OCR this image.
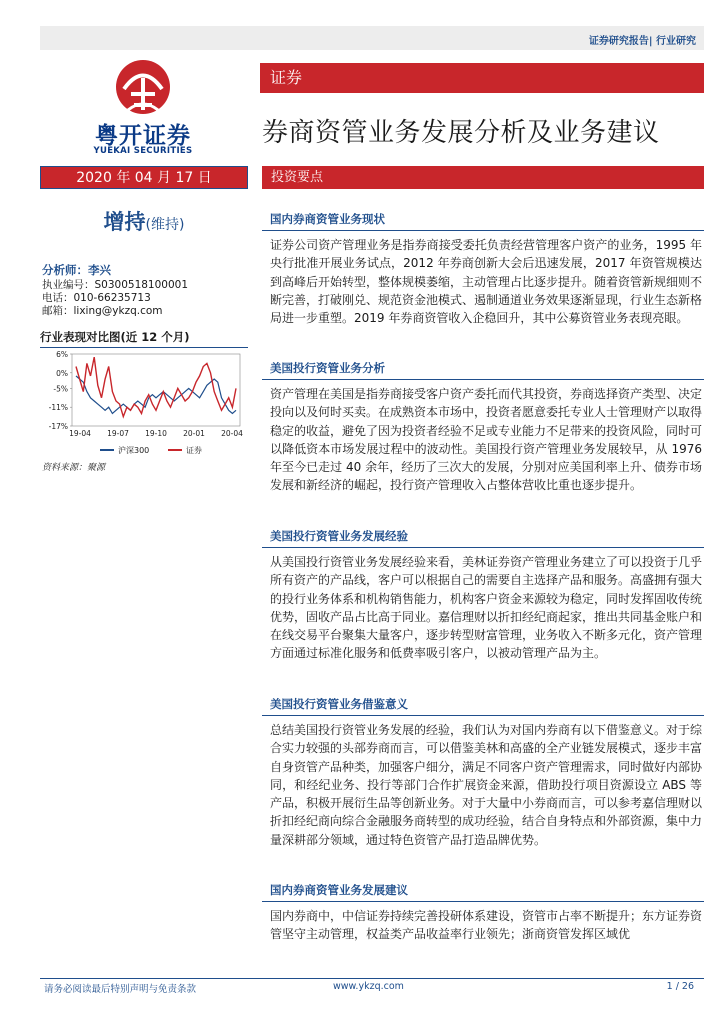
证券研究报告| 行业研究
粤开证券
YUEKAI SECURITIES
证券
券商资管业务发展分析及业务建议
2020 年 04 月 17 日	投资要点
增持(维持)
分析师：李兴
执业编号：S0300518100001
电话：010-66235713
邮箱：lixing@ykzq.com
行业表现对比图(近 12 个月)
6%
0%
-5%
-11%
-17%
19-04 19-07 19-10 20-01 20-04
沪深300	证券
资料来源：聚源
国内券商资管业务现状

证券公司资产管理业务是指券商接受委托负责经营管理客户资产的业务，1995 年央行批准开展业务试点，2012 年券商创新大会后迅速发展，2017 年资管规模达到高峰后开始转型，整体规模萎缩，主动管理占比逐步提升。随着资管新规细则不断完善，打破刚兑、规范资金池模式、遏制通道业务效果逐渐显现，行业生态新格局进一步重塑。2019 年券商资管收入企稳回升，其中公募资管业务表现亮眼。

美国投行资管业务分析

资产管理在美国是指券商接受客户资产委托而代其投资，券商选择资产类型、决定投向以及何时买卖。在成熟资本市场中，投资者愿意委托专业人士管理财产以取得稳定的收益，避免了因为投资者经验不足或专业能力不足带来的投资风险，同时可以降低资本市场发展过程中的波动性。美国投行资产管理业务发展较早，从 1976 年至今已走过 40 余年，经历了三次大的发展，分别对应美国利率上升、债券市场发展和新经济的崛起，投行资产管理收入占整体营收比重也逐步提升。

美国投行资管业务发展经验

从美国投行资管业务发展经验来看，美林证券资产管理业务建立了可以投资于几乎所有资产的产品线，客户可以根据自己的需要自主选择产品和服务。高盛拥有强大的投行业务体系和机构销售能力，机构客户资金来源较为稳定，同时发挥固收传统优势，固收产品占比高于同业。嘉信理财以折扣经纪商起家，推出共同基金账户和在线交易平台聚集大量客户，逐步转型财富管理，业务收入不断多元化，资产管理方面通过标准化服务和低费率吸引客户，以被动管理产品为主。

美国投行资管业务借鉴意义

总结美国投行资管业务发展的经验，我们认为对国内券商有以下借鉴意义。对于综合实力较强的头部券商而言，可以借鉴美林和高盛的全产业链发展模式，逐步丰富自身资管产品种类，加强客户细分，满足不同客户资产管理需求，同时做好内部协同，和经纪业务、投行等部门合作扩展资金来源，借助投行项目资源设立 ABS 等产品，积极开展衍生品等创新业务。对于大量中小券商而言，可以参考嘉信理财以折扣经纪商向综合金融服务商转型的成功经验，结合自身特点和外部资源，集中力量深耕部分领域，通过特色资管产品打造品牌优势。

国内券商资管业务发展建议

国内券商中，中信证券持续完善投研体系建设，资管市占率不断提升；东方证券资管坚守主动管理，权益类产品收益率行业领先；浙商资管发挥区域优

请务必阅读最后特别声明与免责条款	www.ykzq.com	1 / 26
